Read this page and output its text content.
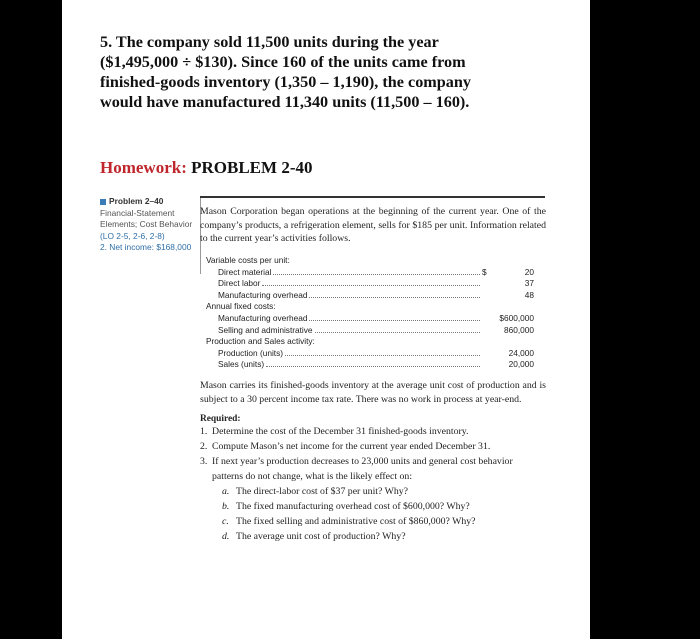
5. The company sold 11,500 units during the year
($1,495,000 ÷ $130). Since 160 of the units came from
finished-goods inventory (1,350 – 1,190), the company
would have manufactured 11,340 units (11,500 – 160).
Homework: PROBLEM 2-40
Problem 2–40
Financial-Statement
Elements; Cost Behavior
(LO 2-5, 2-6, 2-8)
2. Net income: $168,000
Mason Corporation began operations at the beginning of the current year. One of the company’s products, a refrigeration element, sells for $185 per unit. Information related to the current year’s activities follows.
Variable costs per unit:		

Direct material	$	20

Direct labor		37

Manufacturing overhead		48
Annual fixed costs:		

Manufacturing overhead		$600,000

Selling and administrative		860,000
Production and Sales activity:		

Production (units)		24,000

Sales (units)		20,000
Mason carries its finished-goods inventory at the average unit cost of production and is subject to a 30 percent income tax rate. There was no work in process at year-end.
Required:
1. Determine the cost of the December 31 finished-goods inventory.
2. Compute Mason’s net income for the current year ended December 31.
3. If next year’s production decreases to 23,000 units and general cost behavior patterns do not change, what is the likely effect on:
a. The direct-labor cost of $37 per unit? Why?
b. The fixed manufacturing overhead cost of $600,000? Why?
c. The fixed selling and administrative cost of $860,000? Why?
d. The average unit cost of production? Why?
